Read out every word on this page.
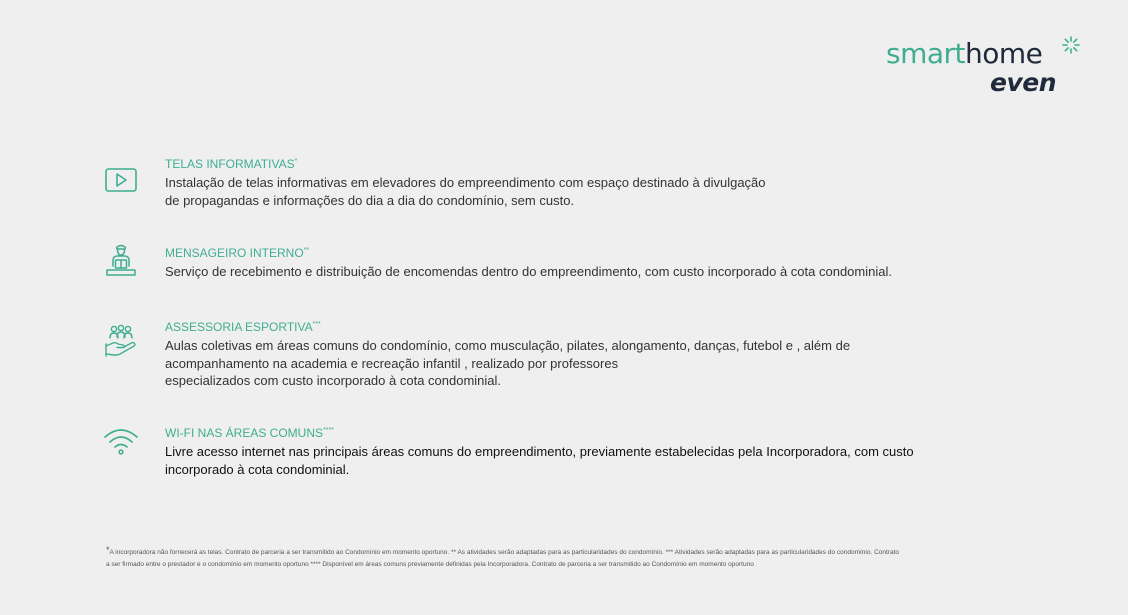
smarthome
even
TELAS INFORMATIVAS*
Instalação de telas informativas em elevadores do empreendimento com espaço destinado à divulgação
de propagandas e informações do dia a dia do condomínio, sem custo.
MENSAGEIRO INTERNO**
Serviço de recebimento e distribuição de encomendas dentro do empreendimento, com custo incorporado à cota condominial.
ASSESSORIA ESPORTIVA***
Aulas coletivas em áreas comuns do condomínio, como musculação, pilates, alongamento, danças, futebol e , além de
acompanhamento na academia e recreação infantil , realizado por professores
especializados com custo incorporado à cota condominial.
WI-FI NAS ÁREAS COMUNS****
Livre acesso internet nas principais áreas comuns do empreendimento, previamente estabelecidas pela Incorporadora, com custo
incorporado à cota condominial.
*A incorporadora não fornecerá as telas. Contrato de parceria a ser transmitido ao Condomínio em momento oportuno. ** As atividades serão adaptadas para as particularidades do condomínio. *** Atividades serão adaptadas para as particularidades do condomínio. Contrato
a ser firmado entre o prestador e o condomínio em momento oportuno **** Disponível em áreas comuns previamente definidas pela Incorporadora. Contrato de parceria a ser transmitido ao Condomínio em momento oportuno
